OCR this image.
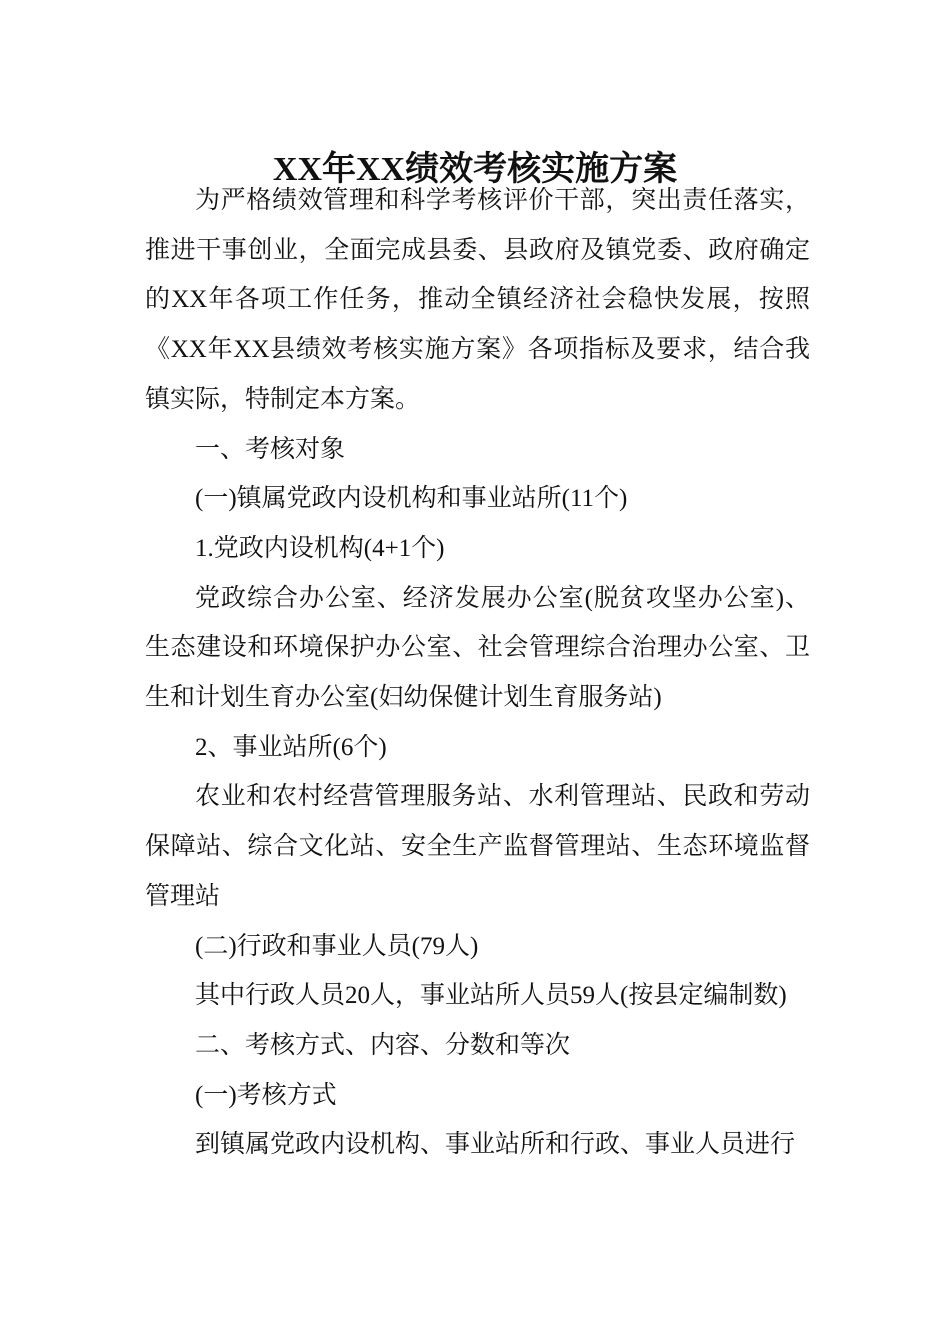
XX年XX绩效考核实施方案

为严格绩效管理和科学考核评价干部，突出责任落实，推进干事创业，全面完成县委、县政府及镇党委、政府确定的XX年各项工作任务，推动全镇经济社会稳快发展，按照《XX年XX县绩效考核实施方案》各项指标及要求，结合我镇实际，特制定本方案。

一、考核对象

(一)镇属党政内设机构和事业站所(11个)

1.党政内设机构(4+1个)

党政综合办公室、经济发展办公室(脱贫攻坚办公室)、生态建设和环境保护办公室、社会管理综合治理办公室、卫生和计划生育办公室(妇幼保健计划生育服务站)

2、事业站所(6个)

农业和农村经营管理服务站、水利管理站、民政和劳动保障站、综合文化站、安全生产监督管理站、生态环境监督管理站

(二)行政和事业人员(79人)

其中行政人员20人，事业站所人员59人(按县定编制数)

二、考核方式、内容、分数和等次

(一)考核方式

到镇属党政内设机构、事业站所和行政、事业人员进行
